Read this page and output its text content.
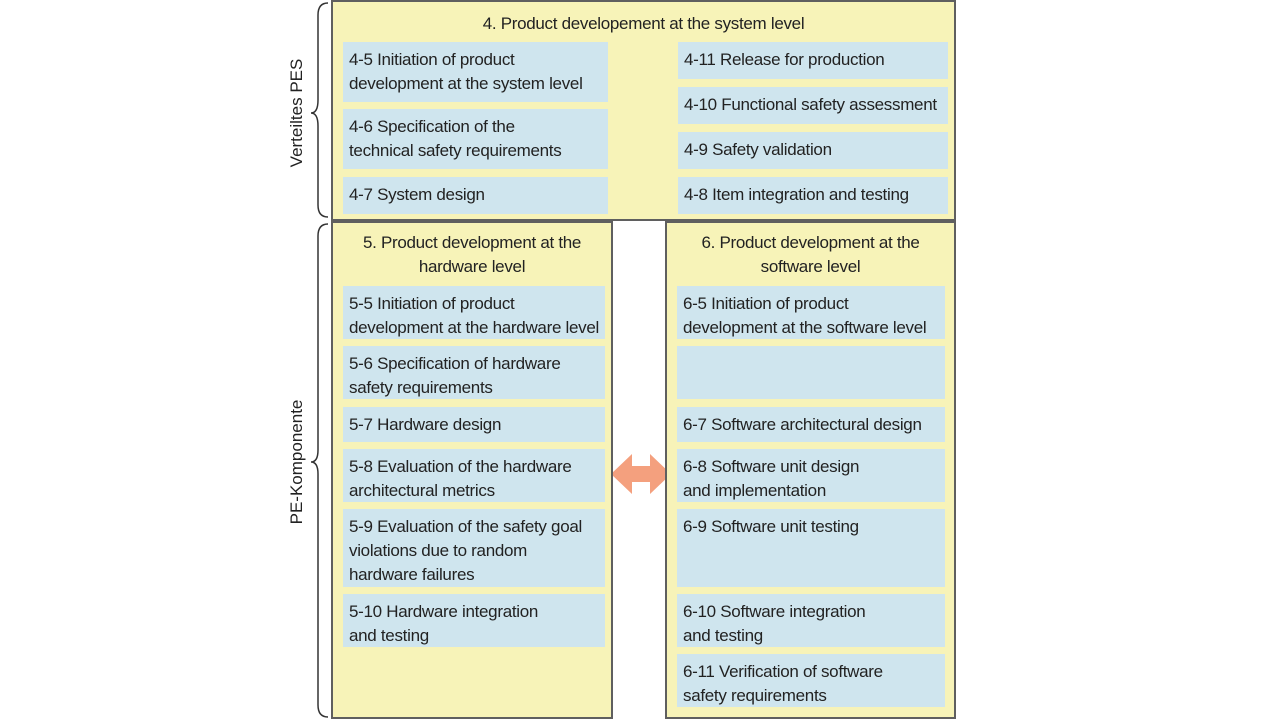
Verteiltes PES
PE-Komponente
4. Product developement at the system level
4-5 Initiation of product
development at the system level
4-6 Specification of the
technical safety requirements
4-7 System design
4-11 Release for production
4-10 Functional safety assessment
4-9 Safety validation
4-8 Item integration and testing
5. Product development at the
hardware level
5-5 Initiation of product
development at the hardware level
5-6 Specification of hardware
safety requirements
5-7 Hardware design
5-8 Evaluation of the hardware
architectural metrics
5-9 Evaluation of the safety goal
violations due to random
hardware failures
5-10 Hardware integration
and testing
6. Product development at the
software level
6-5 Initiation of product
development at the software level
6-7 Software architectural design
6-8 Software unit design
and implementation
6-9 Software unit testing
6-10 Software integration
and testing
6-11 Verification of software
safety requirements
